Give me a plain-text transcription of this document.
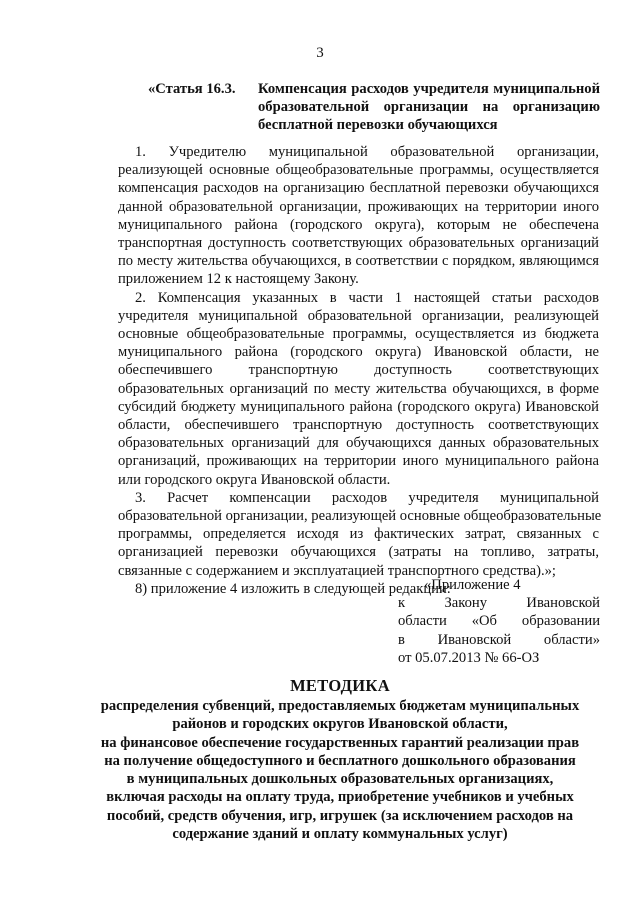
3
«Статья 16.3.	Компенсация расходов учредителя муниципальной
образовательной организации на организацию
бесплатной перевозки обучающихся

1. Учредителю муниципальной образовательной организации,
реализующей основные общеобразовательные программы, осуществляется
компенсация расходов на организацию бесплатной перевозки обучающихся
данной образовательной организации, проживающих на территории иного
муниципального района (городского округа), которым не обеспечена
транспортная доступность соответствующих образовательных организаций
по месту жительства обучающихся, в соответствии с порядком, являющимся
приложением 12 к настоящему Закону.

2. Компенсация указанных в части 1 настоящей статьи расходов
учредителя муниципальной образовательной организации, реализующей
основные общеобразовательные программы, осуществляется из бюджета
муниципального района (городского округа) Ивановской области, не
обеспечившего транспортную доступность соответствующих
образовательных организаций по месту жительства обучающихся, в форме
субсидий бюджету муниципального района (городского округа) Ивановской
области, обеспечившего транспортную доступность соответствующих
образовательных организаций для обучающихся данных образовательных
организаций, проживающих на территории иного муниципального района
или городского округа Ивановской области.

3. Расчет компенсации расходов учредителя муниципальной
образовательной организации, реализующей основные общеобразовательные
программы, определяется исходя из фактических затрат, связанных с
организацией перевозки обучающихся (затраты на топливо, затраты,
связанные с содержанием и эксплуатацией транспортного средства).»;

8) приложение 4 изложить в следующей редакции:

«Приложение 4
к Закону Ивановской
области «Об образовании
в Ивановской области»
от 05.07.2013 № 66-ОЗ
МЕТОДИКА
распределения субвенций, предоставляемых бюджетам муниципальных
районов и городских округов Ивановской области,
на финансовое обеспечение государственных гарантий реализации прав
на получение общедоступного и бесплатного дошкольного образования
в муниципальных дошкольных образовательных организациях,
включая расходы на оплату труда, приобретение учебников и учебных
пособий, средств обучения, игр, игрушек (за исключением расходов на
содержание зданий и оплату коммунальных услуг)
